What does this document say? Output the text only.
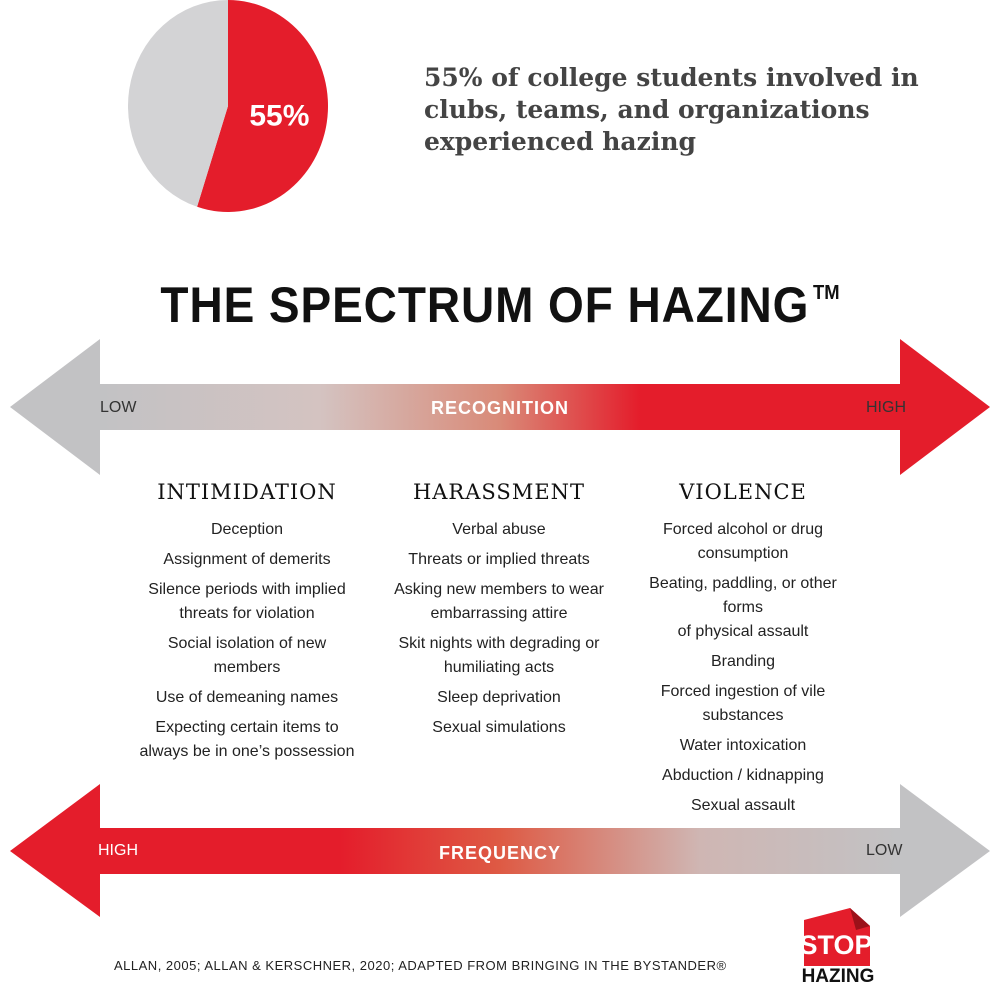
55%
55% of college students involved in
clubs, teams, and organizations
experienced hazing
THE SPECTRUM OF HAZING ™
LOW	RECOGNITION	HIGH
INTIMIDATION
Deception
Assignment of demerits
Silence periods with implied
threats for violation
Social isolation of new
members
Use of demeaning names
Expecting certain items to
always be in one’s possession
HARASSMENT
Verbal abuse
Threats or implied threats
Asking new members to wear
embarrassing attire
Skit nights with degrading or
humiliating acts
Sleep deprivation
Sexual simulations
VIOLENCE
Forced alcohol or drug
consumption
Beating, paddling, or other forms
of physical assault
Branding
Forced ingestion of vile
substances
Water intoxication
Abduction / kidnapping
Sexual assault
HIGH	FREQUENCY	LOW
ALLAN, 2005; ALLAN & KERSCHNER, 2020; ADAPTED FROM BRINGING IN THE BYSTANDER®
STOP
HAZING
